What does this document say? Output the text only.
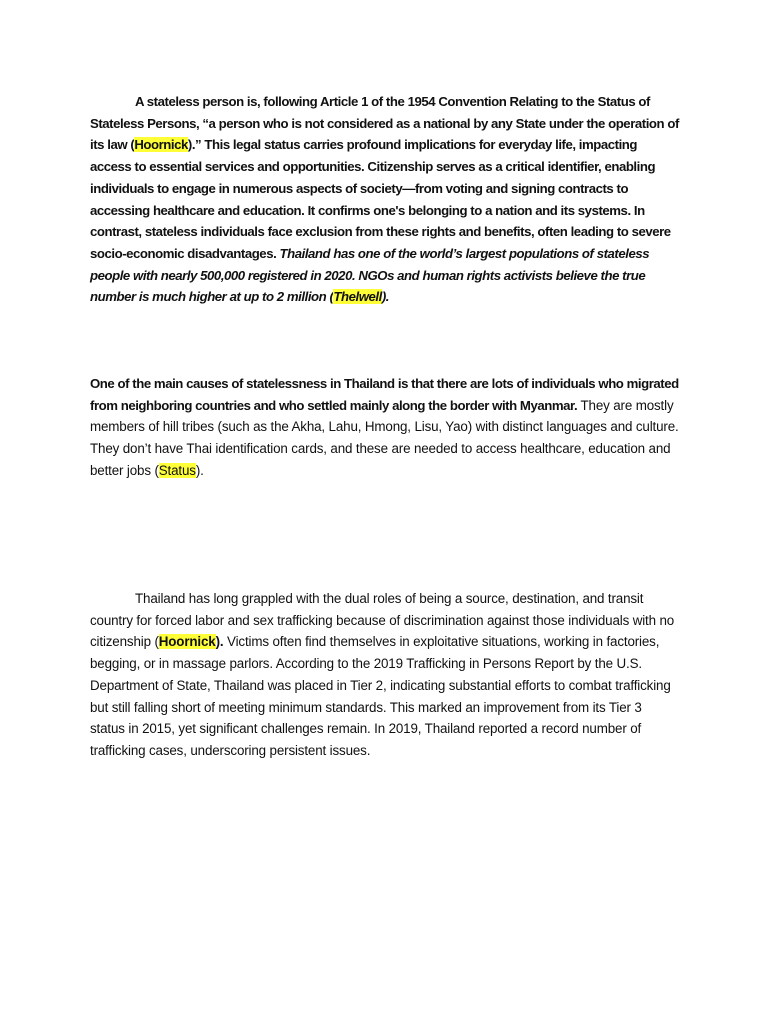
A stateless person is, following Article 1 of the 1954 Convention Relating to the Status of Stateless Persons, “a person who is not considered as a national by any State under the operation of its law (Hoornick).” This legal status carries profound implications for everyday life, impacting access to essential services and opportunities. Citizenship serves as a critical identifier, enabling individuals to engage in numerous aspects of society—from voting and signing contracts to accessing healthcare and education. It confirms one's belonging to a nation and its systems. In contrast, stateless individuals face exclusion from these rights and benefits, often leading to severe socio-economic disadvantages. Thailand has one of the world’s largest populations of stateless people with nearly 500,000 registered in 2020. NGOs and human rights activists believe the true number is much higher at up to 2 million (Thelwell).

One of the main causes of statelessness in Thailand is that there are lots of individuals who migrated from neighboring countries and who settled mainly along the border with Myanmar. They are mostly members of hill tribes (such as the Akha, Lahu, Hmong, Lisu, Yao) with distinct languages and culture. They don’t have Thai identification cards, and these are needed to access healthcare, education and better jobs (Status).

Thailand has long grappled with the dual roles of being a source, destination, and transit country for forced labor and sex trafficking because of discrimination against those individuals with no citizenship (Hoornick). Victims often find themselves in exploitative situations, working in factories, begging, or in massage parlors. According to the 2019 Trafficking in Persons Report by the U.S. Department of State, Thailand was placed in Tier 2, indicating substantial efforts to combat trafficking but still falling short of meeting minimum standards. This marked an improvement from its Tier 3 status in 2015, yet significant challenges remain. In 2019, Thailand reported a record number of trafficking cases, underscoring persistent issues.
